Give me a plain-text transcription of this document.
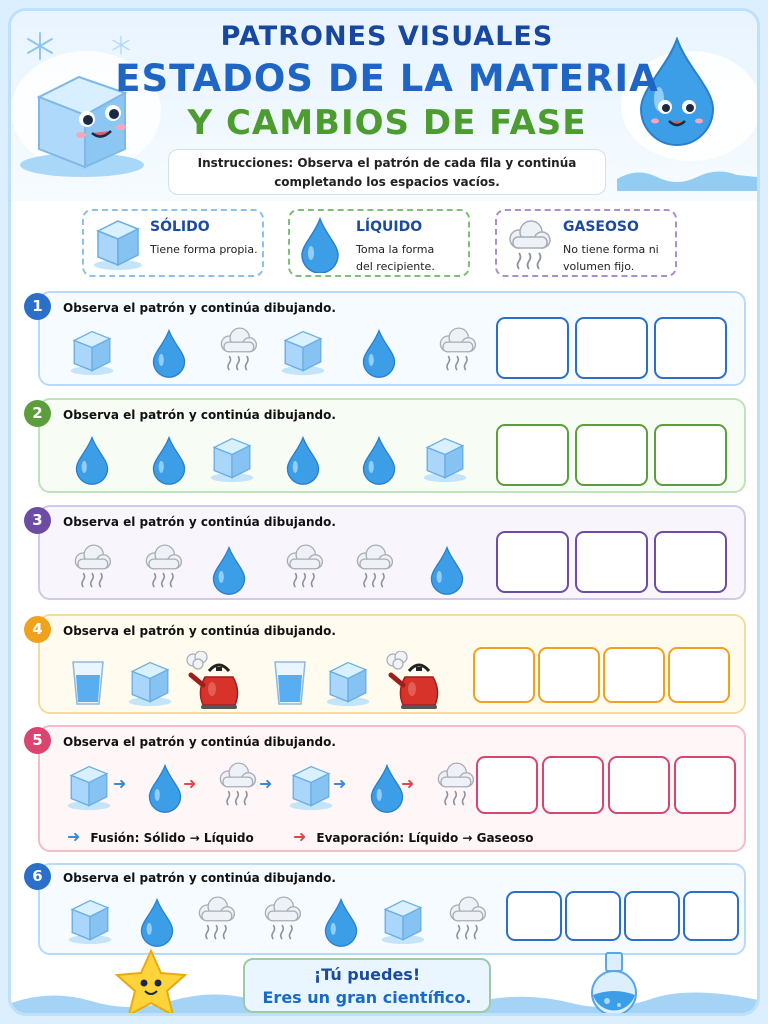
PATRONES VISUALES
ESTADOS DE LA MATERIA
Y CAMBIOS DE FASE
Instrucciones: Observa el patrón de cada fila y continúa completando los espacios vacíos.
SÓLIDO
Tiene forma propia.
LÍQUIDO
Toma la forma del recipiente.
GASEOSO
No tiene forma ni volumen fijo.
1
2
3
4
5
6
Observa el patrón y continúa dibujando.
Observa el patrón y continúa dibujando.
Observa el patrón y continúa dibujando.
Observa el patrón y continúa dibujando.
Observa el patrón y continúa dibujando.
Observa el patrón y continúa dibujando.
➜	➜	➜	➜	➜
➜ Fusión: Sólido → Líquido ➜ Evaporación: Líquido → Gaseoso
¡Tú puedes!
Eres un gran científico.
